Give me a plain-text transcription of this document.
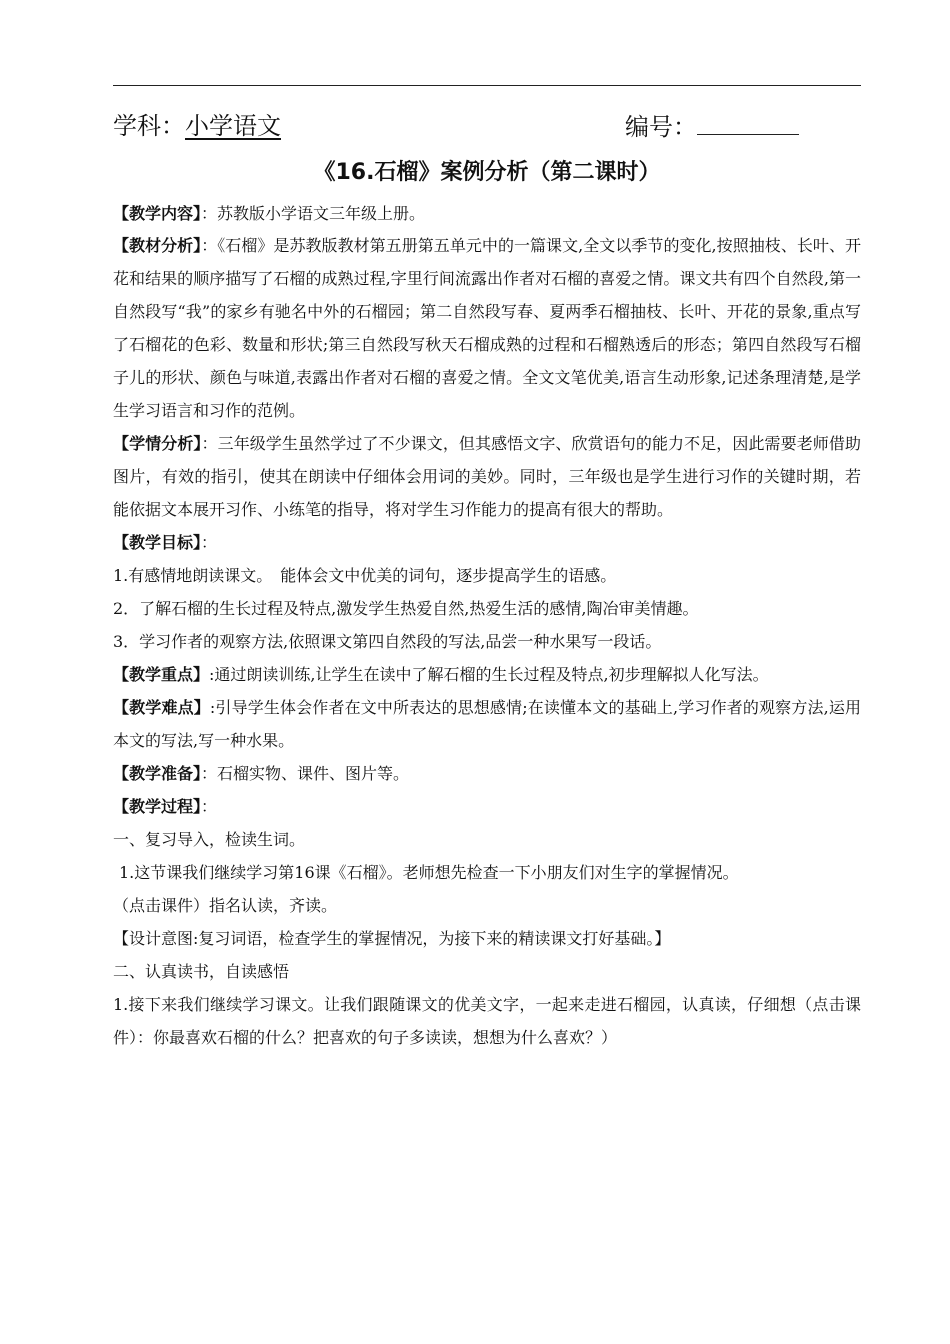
学科：小学语文	编号：
《16.石榴》案例分析（第二课时）

【教学内容】：苏教版小学语文三年级上册。

【教材分析】：《石榴》是苏教版教材第五册第五单元中的一篇课文,全文以季节的变化,按照抽枝、长叶、开花和结果的顺序描写了石榴的成熟过程,字里行间流露出作者对石榴的喜爱之情。课文共有四个自然段,第一自然段写“我”的家乡有驰名中外的石榴园；第二自然段写春、夏两季石榴抽枝、长叶、开花的景象,重点写了石榴花的色彩、数量和形状;第三自然段写秋天石榴成熟的过程和石榴熟透后的形态；第四自然段写石榴子儿的形状、颜色与味道,表露出作者对石榴的喜爱之情。全文文笔优美,语言生动形象,记述条理清楚,是学生学习语言和习作的范例。

【学情分析】：三年级学生虽然学过了不少课文，但其感悟文字、欣赏语句的能力不足，因此需要老师借助图片，有效的指引，使其在朗读中仔细体会用词的美妙。同时，三年级也是学生进行习作的关键时期，若能依据文本展开习作、小练笔的指导，将对学生习作能力的提高有很大的帮助。

【教学目标】：

1.有感情地朗读课文。　能体会文中优美的词句，逐步提高学生的语感。

2．了解石榴的生长过程及特点,激发学生热爱自然,热爱生活的感情,陶冶审美情趣。

3．学习作者的观察方法,依照课文第四自然段的写法,品尝一种水果写一段话。

【教学重点】:通过朗读训练,让学生在读中了解石榴的生长过程及特点,初步理解拟人化写法。

【教学难点】:引导学生体会作者在文中所表达的思想感情;在读懂本文的基础上,学习作者的观察方法,运用本文的写法,写一种水果。

【教学准备】：石榴实物、课件、图片等。

【教学过程】：

一、复习导入，检读生词。

1.这节课我们继续学习第16课《石榴》。老师想先检查一下小朋友们对生字的掌握情况。

（点击课件）指名认读，齐读。

【设计意图:复习词语，检查学生的掌握情况，为接下来的精读课文打好基础。】

二、认真读书，自读感悟

1.接下来我们继续学习课文。让我们跟随课文的优美文字，一起来走进石榴园，认真读，仔细想（点击课件）：你最喜欢石榴的什么？把喜欢的句子多读读，想想为什么喜欢？）
